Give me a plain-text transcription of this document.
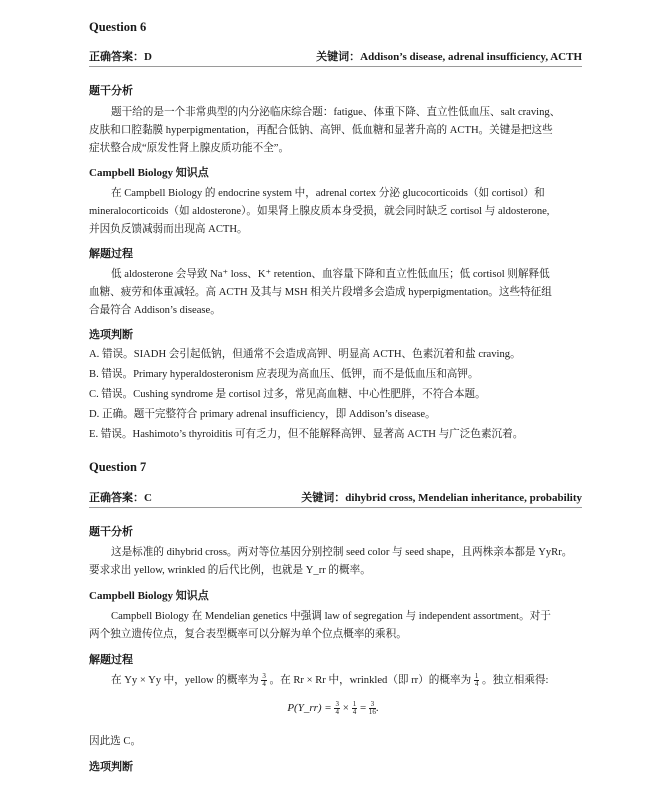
Question 6
正确答案：D	关键词：Addison’s disease, adrenal insufficiency, ACTH
题干分析
题干给的是一个非常典型的内分泌临床综合题：fatigue、体重下降、直立性低血压、salt craving、
皮肤和口腔黏膜 hyperpigmentation，再配合低钠、高钾、低血糖和显著升高的 ACTH。关键是把这些
症状整合成“原发性肾上腺皮质功能不全”。
Campbell Biology 知识点
在 Campbell Biology 的 endocrine system 中，adrenal cortex 分泌 glucocorticoids（如 cortisol）和
mineralocorticoids（如 aldosterone）。如果肾上腺皮质本身受损，就会同时缺乏 cortisol 与 aldosterone,
并因负反馈减弱而出现高 ACTH。
解题过程
低 aldosterone 会导致 Na⁺ loss、K⁺ retention、血容量下降和直立性低血压；低 cortisol 则解释低
血糖、疲劳和体重减轻。高 ACTH 及其与 MSH 相关片段增多会造成 hyperpigmentation。这些特征组
合最符合 Addison’s disease。
选项判断
A. 错误。SIADH 会引起低钠，但通常不会造成高钾、明显高 ACTH、色素沉着和盐 craving。
B. 错误。Primary hyperaldosteronism 应表现为高血压、低钾，而不是低血压和高钾。
C. 错误。Cushing syndrome 是 cortisol 过多，常见高血糖、中心性肥胖，不符合本题。
D. 正确。题干完整符合 primary adrenal insufficiency，即 Addison’s disease。
E. 错误。Hashimoto’s thyroiditis 可有乏力，但不能解释高钾、显著高 ACTH 与广泛色素沉着。
Question 7
正确答案：C	关键词：dihybrid cross, Mendelian inheritance, probability
题干分析
这是标准的 dihybrid cross。两对等位基因分别控制 seed color 与 seed shape，且两株亲本都是 YyRr。
要求求出 yellow, wrinkled 的后代比例，也就是 Y_rr 的概率。
Campbell Biology 知识点
Campbell Biology 在 Mendelian genetics 中强调 law of segregation 与 independent assortment。对于
两个独立遗传位点，复合表型概率可以分解为单个位点概率的乘积。
解题过程
在 Yy × Yy 中，yellow 的概率为 $\frac{3}{4}$ 。在 Rr × Rr 中，wrinkled（即 rr）的概率为 $\frac{1}{4}$ 。独立相乘得:
P(Y_rr) = $\frac{3}{4} \times \frac{1}{4} = \frac{3}{16}$ .
因此选 C。
选项判断
